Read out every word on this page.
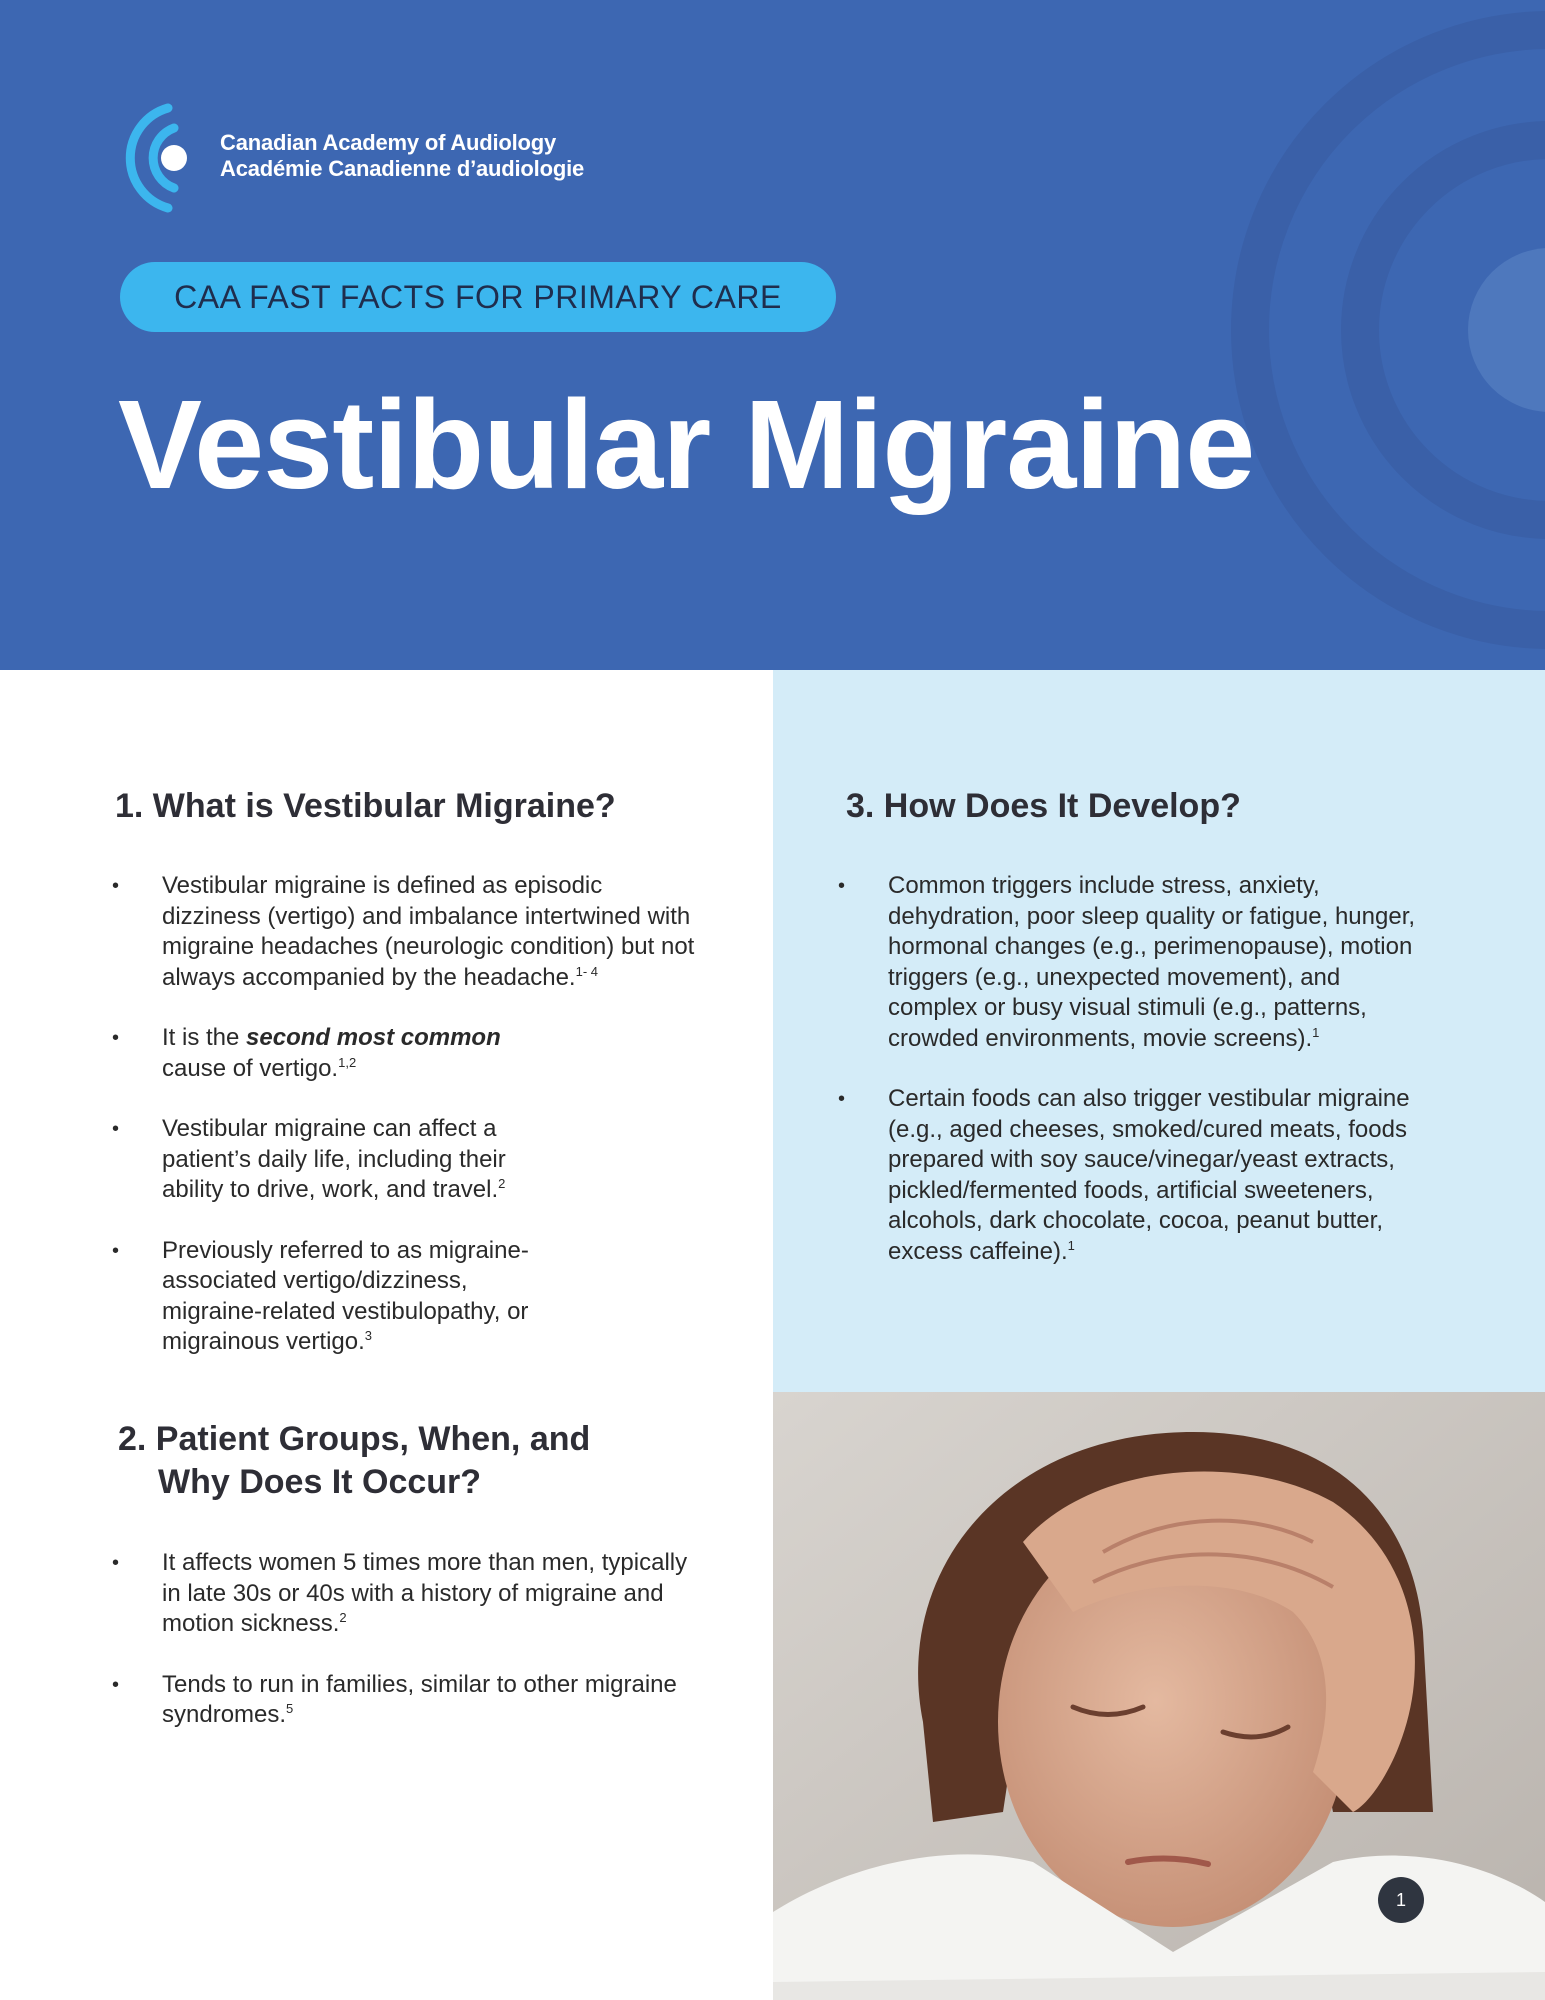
Canadian Academy of Audiology
Académie Canadienne d’audiologie
CAA FAST FACTS FOR PRIMARY CARE
Vestibular Migraine
1. What is Vestibular Migraine?
• Vestibular migraine is defined as episodic dizziness (vertigo) and imbalance intertwined with migraine headaches (neurologic condition) but not always accompanied by the headache.$^{1- 4}$
• It is the second most common cause of vertigo.$^{1,2}$
• Vestibular migraine can affect a patient’s daily life, including their ability to drive, work, and travel.$^2$
• Previously referred to as migraine-associated vertigo/dizziness, migraine-related vestibulopathy, or migrainous vertigo.$^3$
2. Patient Groups, When, and
Why Does It Occur?
• It affects women 5 times more than men, typically in late 30s or 40s with a history of migraine and motion sickness.$^2$
• Tends to run in families, similar to other migraine syndromes.$^5$
3. How Does It Develop?
• Common triggers include stress, anxiety, dehydration, poor sleep quality or fatigue, hunger, hormonal changes (e.g., perimenopause), motion triggers (e.g., unexpected movement), and complex or busy visual stimuli (e.g., patterns, crowded environments, movie screens).$^1$
• Certain foods can also trigger vestibular migraine (e.g., aged cheeses, smoked/cured meats, foods prepared with soy sauce/vinegar/yeast extracts, pickled/fermented foods, artificial sweeteners, alcohols, dark chocolate, cocoa, peanut butter, excess caffeine).$^1$
1
